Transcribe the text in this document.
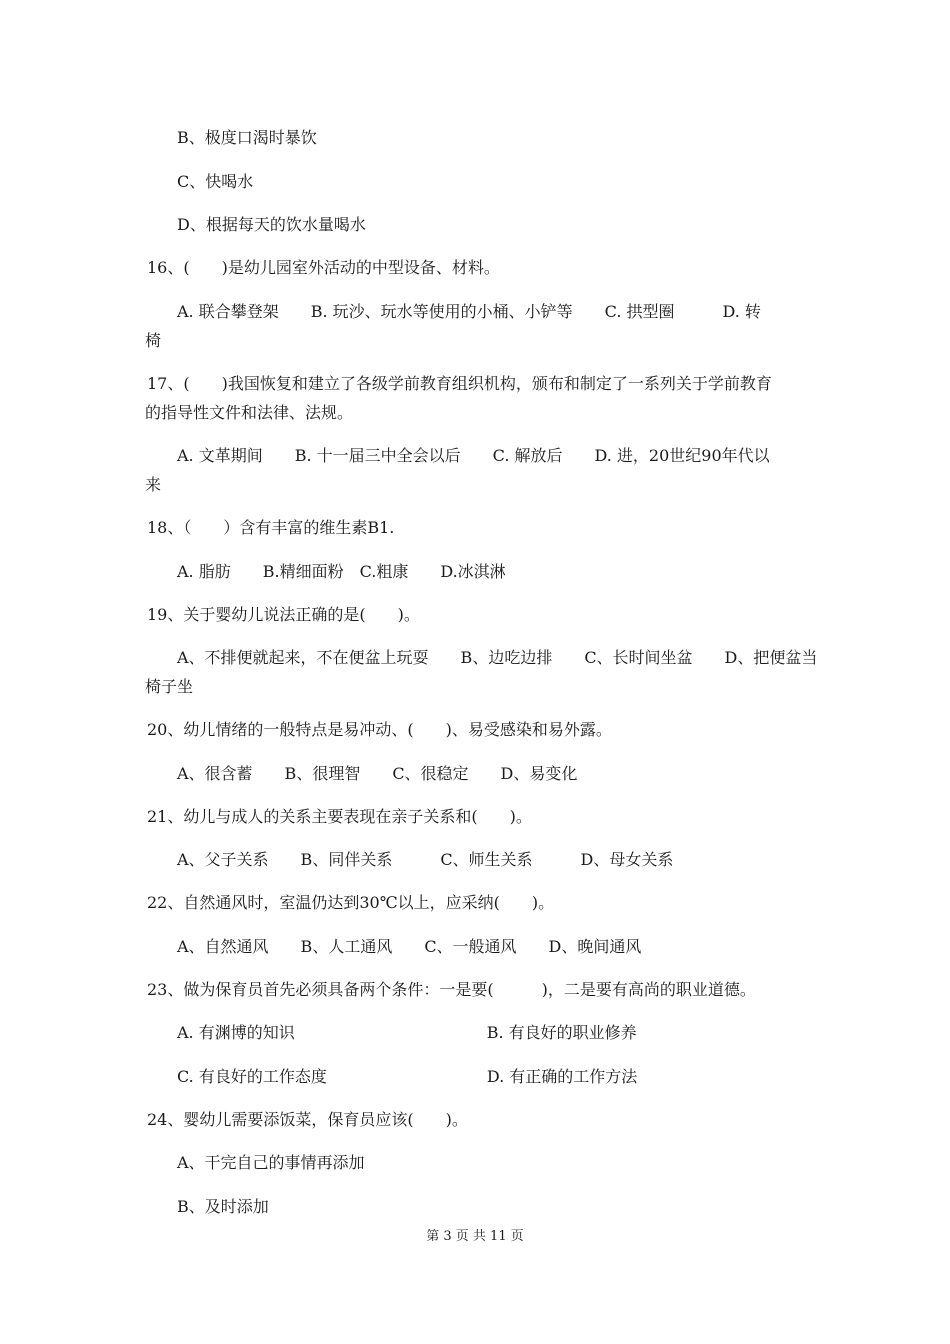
B、极度口渴时暴饮
C、快喝水
D、根据每天的饮水量喝水
16、(　　)是幼儿园室外活动的中型设备、材料。
A. 联合攀登架　　B. 玩沙、玩水等使用的小桶、小铲等　　C. 拱型圈　　　D. 转
椅
17、(　　)我国恢复和建立了各级学前教育组织机构，颁布和制定了一系列关于学前教育
的指导性文件和法律、法规。
A. 文革期间　　B. 十一届三中全会以后　　C. 解放后　　D. 进，20世纪90年代以
来
18、（　　）含有丰富的维生素B1.
A. 脂肪　　B.精细面粉　C.粗康　　D.冰淇淋
19、关于婴幼儿说法正确的是(　　)。
A、不排便就起来，不在便盆上玩耍　　B、边吃边排　　C、长时间坐盆　　D、把便盆当
椅子坐
20、幼儿情绪的一般特点是易冲动、(　　)、易受感染和易外露。
A、很含蓄　　B、很理智　　C、很稳定　　D、易变化
21、幼儿与成人的关系主要表现在亲子关系和(　　)。
A、父子关系　　B、同伴关系　　　C、师生关系　　　D、母女关系
22、自然通风时，室温仍达到30℃以上，应采纳(　　)。
A、自然通风　　B、人工通风　　C、一般通风　　D、晚间通风
23、做为保育员首先必须具备两个条件：一是要(　　　)，二是要有高尚的职业道德。
A. 有渊博的知识　　　　　　　　　　　　B. 有良好的职业修养
C. 有良好的工作态度　　　　　　　　　　D. 有正确的工作方法
24、婴幼儿需要添饭菜，保育员应该(　　)。
A、干完自己的事情再添加
B、及时添加
第 3 页 共 11 页
